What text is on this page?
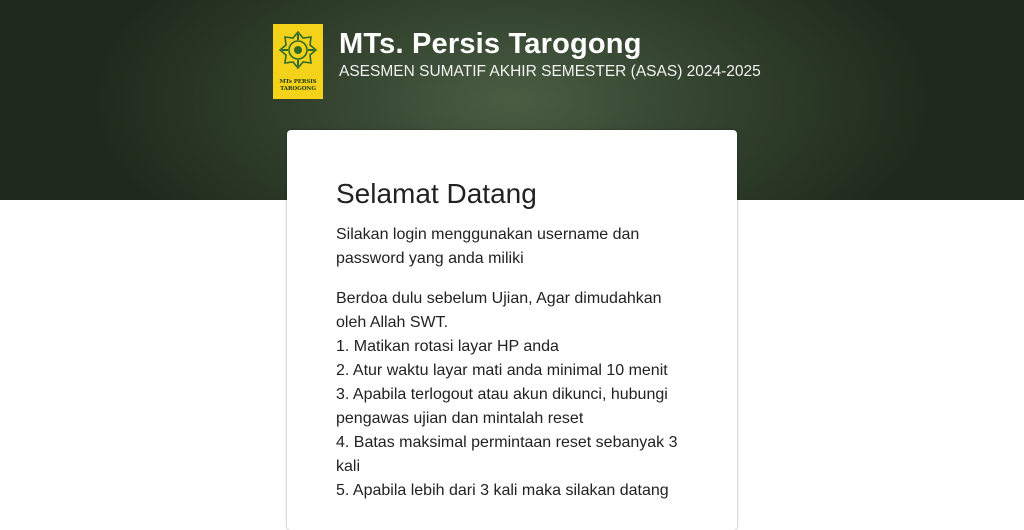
MTs PERSIS
TAROGONG
MTs. Persis Tarogong
ASESMEN SUMATIF AKHIR SEMESTER (ASAS) 2024-2025
Selamat Datang

Silakan login menggunakan username dan password yang anda miliki

Berdoa dulu sebelum Ujian, Agar dimudahkan oleh Allah SWT.

1. Matikan rotasi layar HP anda
2. Atur waktu layar mati anda minimal 10 menit
3. Apabila terlogout atau akun dikunci, hubungi pengawas ujian dan mintalah reset
4. Batas maksimal permintaan reset sebanyak 3 kali
5. Apabila lebih dari 3 kali maka silakan datang
